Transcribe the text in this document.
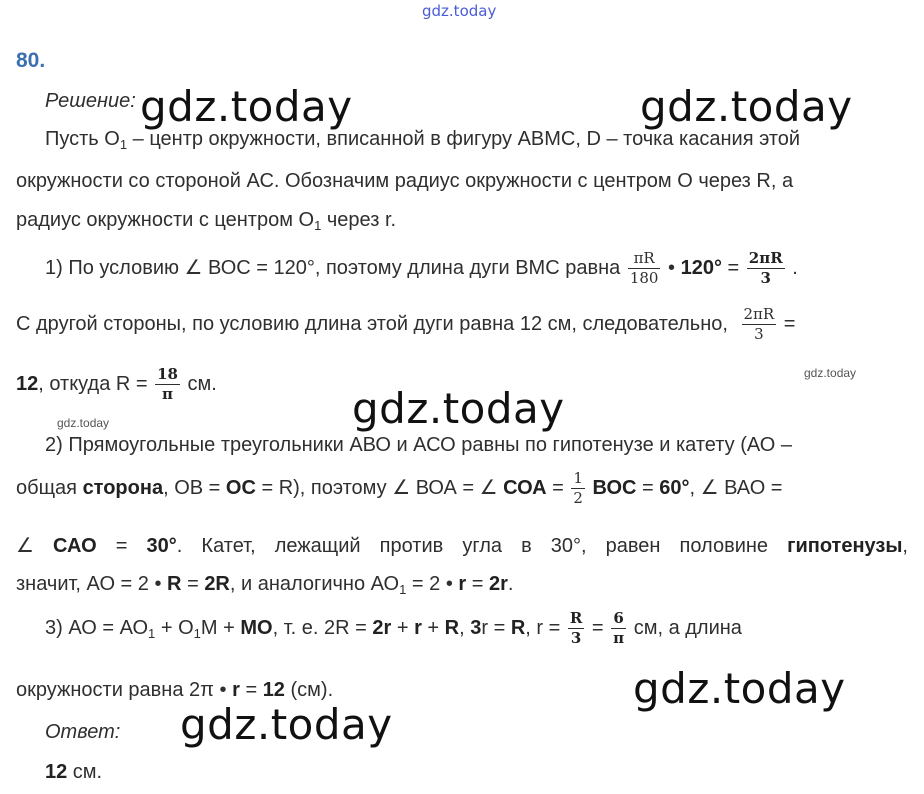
gdz.today
80.
Решение:
Пусть $О_1$ – центр окружности, вписанной в фигуру АВМС, D – точка касания этой
окружности со стороной АС. Обозначим радиус окружности с центром О через R, а
радиус окружности с центром $О_1$ через r.
1) По условию ∠ ВОС = 120°, поэтому длина дуги ВМС равна $\frac{\pi R}{180}$ • $120^\circ = \frac{2\pi R}{3}$ .
С другой стороны, по условию длина этой дуги равна 12 см, следовательно, $\frac{2\pi R}{3}$ =
12, откуда $R = \frac{18}{\pi}$ см.
2) Прямоугольные треугольники АВО и АСО равны по гипотенузе и катету (АО –
общая сторона, ОВ = ОС = R), поэтому ∠ ВОА = ∠ СОА = $\frac{1}{2}$ ВОС = 60°, ∠ ВАО =
∠ САО = 30°. Катет, лежащий против угла в 30°, равен половине гипотенузы,
значит, АО = 2 • R = 2R, и аналогично $АО_1 = 2$ • r = 2r.
3) АО = $АО_1 + О_1М$ + МО, т. е. 2R = 2r + r + R, 3r = R, $r = \frac{R}{3} = \frac{6}{\pi}$ см, а длина
окружности равна 2π • r = 12 (см).
Ответ:
12 см.
gdz.today	gdz.today
gdz.today
gdz.today
gdz.today
gdz.today
gdz.today
